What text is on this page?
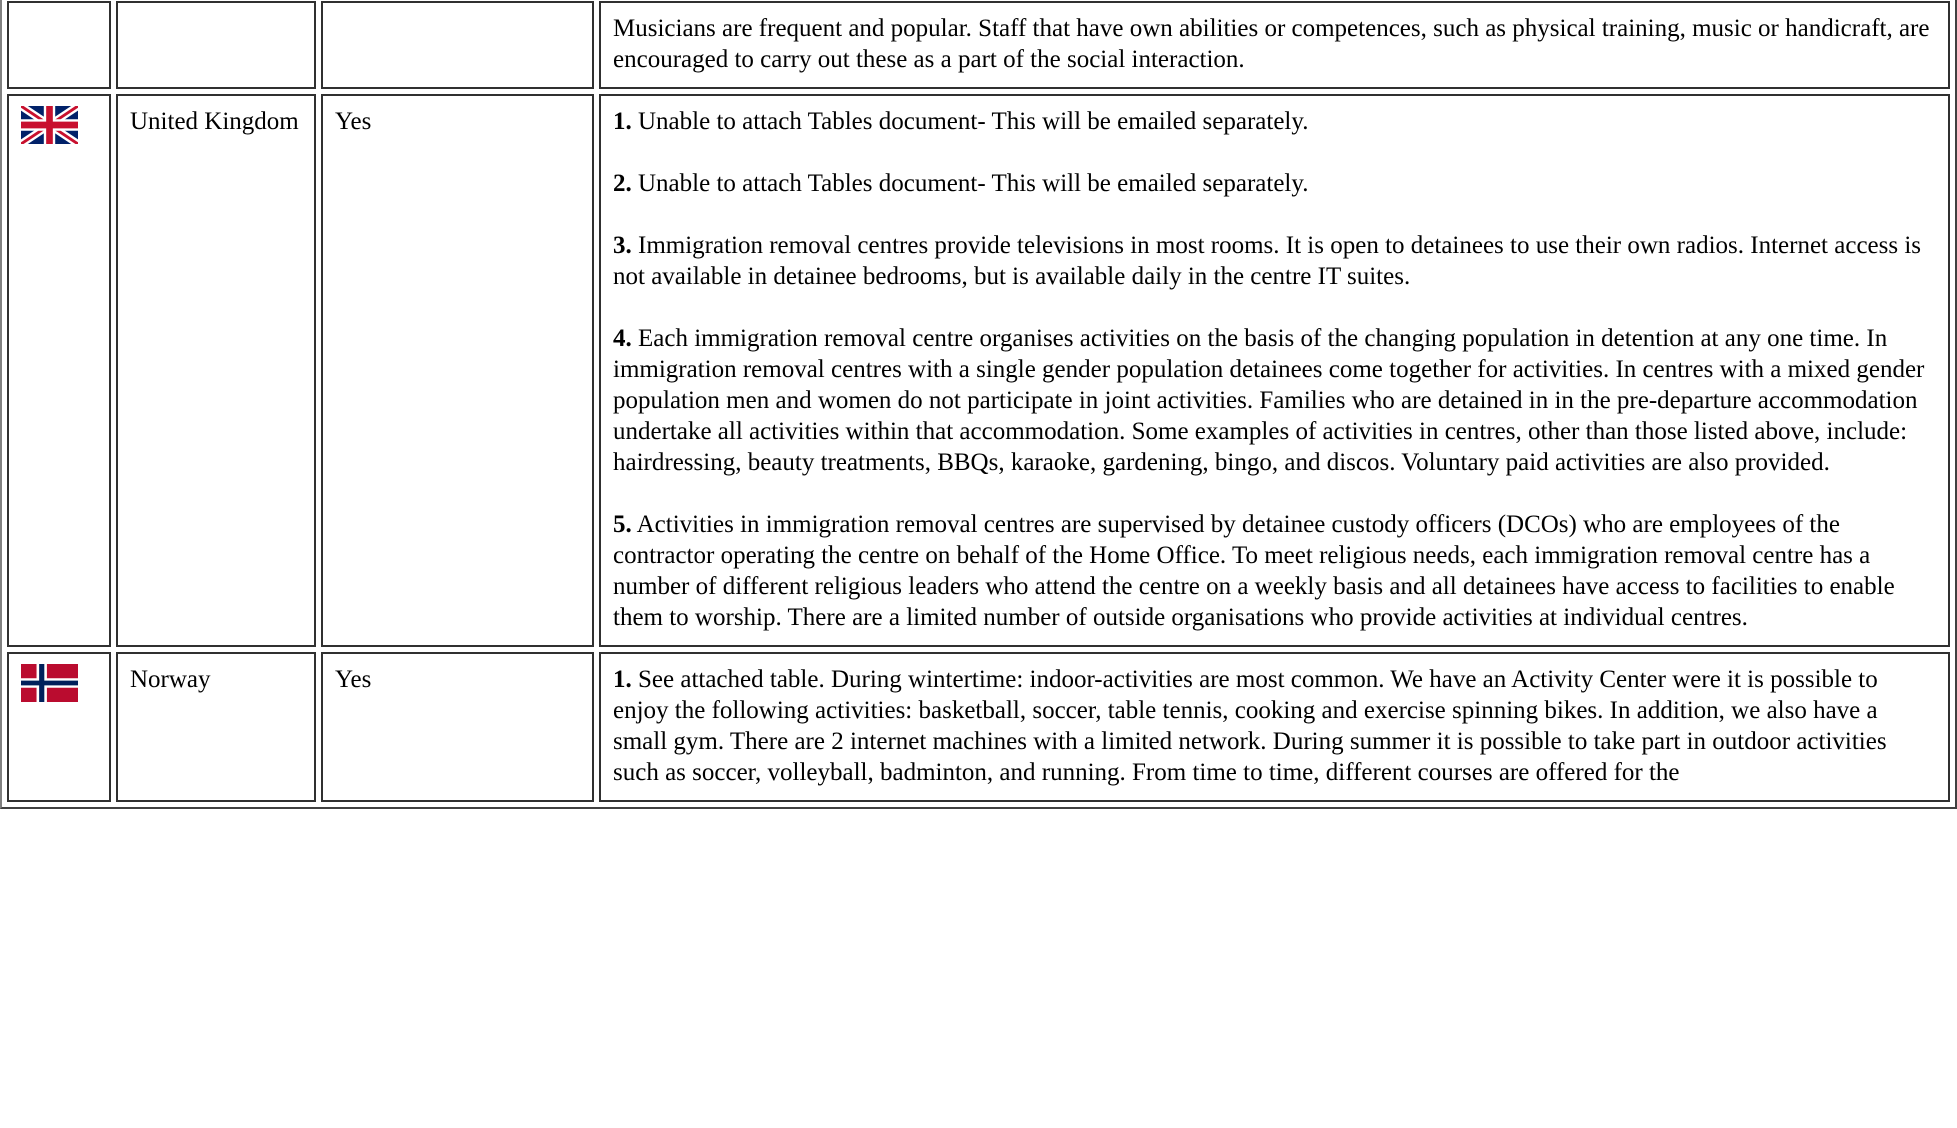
			Musicians are frequent and popular. Staff that have own abilities or competences, such as physical training, music or handicraft, are encouraged to carry out these as a part of the social interaction.

	United Kingdom	Yes	1. Unable to attach Tables document- This will be emailed separately.

2. Unable to attach Tables document- This will be emailed separately.

3. Immigration removal centres provide televisions in most rooms. It is open to detainees to use their own radios. Internet access is not available in detainee bedrooms, but is available daily in the centre IT suites.

4. Each immigration removal centre organises activities on the basis of the changing population in detention at any one time. In immigration removal centres with a single gender population detainees come together for activities. In centres with a mixed gender population men and women do not participate in joint activities. Families who are detained in in the pre-departure accommodation undertake all activities within that accommodation. Some examples of activities in centres, other than those listed above, include: hairdressing, beauty treatments, BBQs, karaoke, gardening, bingo, and discos. Voluntary paid activities are also provided.

5. Activities in immigration removal centres are supervised by detainee custody officers (DCOs) who are employees of the contractor operating the centre on behalf of the Home Office. To meet religious needs, each immigration removal centre has a number of different religious leaders who attend the centre on a weekly basis and all detainees have access to facilities to enable them to worship. There are a limited number of outside organisations who provide activities at individual centres.

	Norway	Yes	1. See attached table. During wintertime: indoor-activities are most common. We have an Activity Center were it is possible to enjoy the following activities: basketball, soccer, table tennis, cooking and exercise spinning bikes. In addition, we also have a small gym. There are 2 internet machines with a limited network. During summer it is possible to take part in outdoor activities such as soccer, volleyball, badminton, and running. From time to time, different courses are offered for the
